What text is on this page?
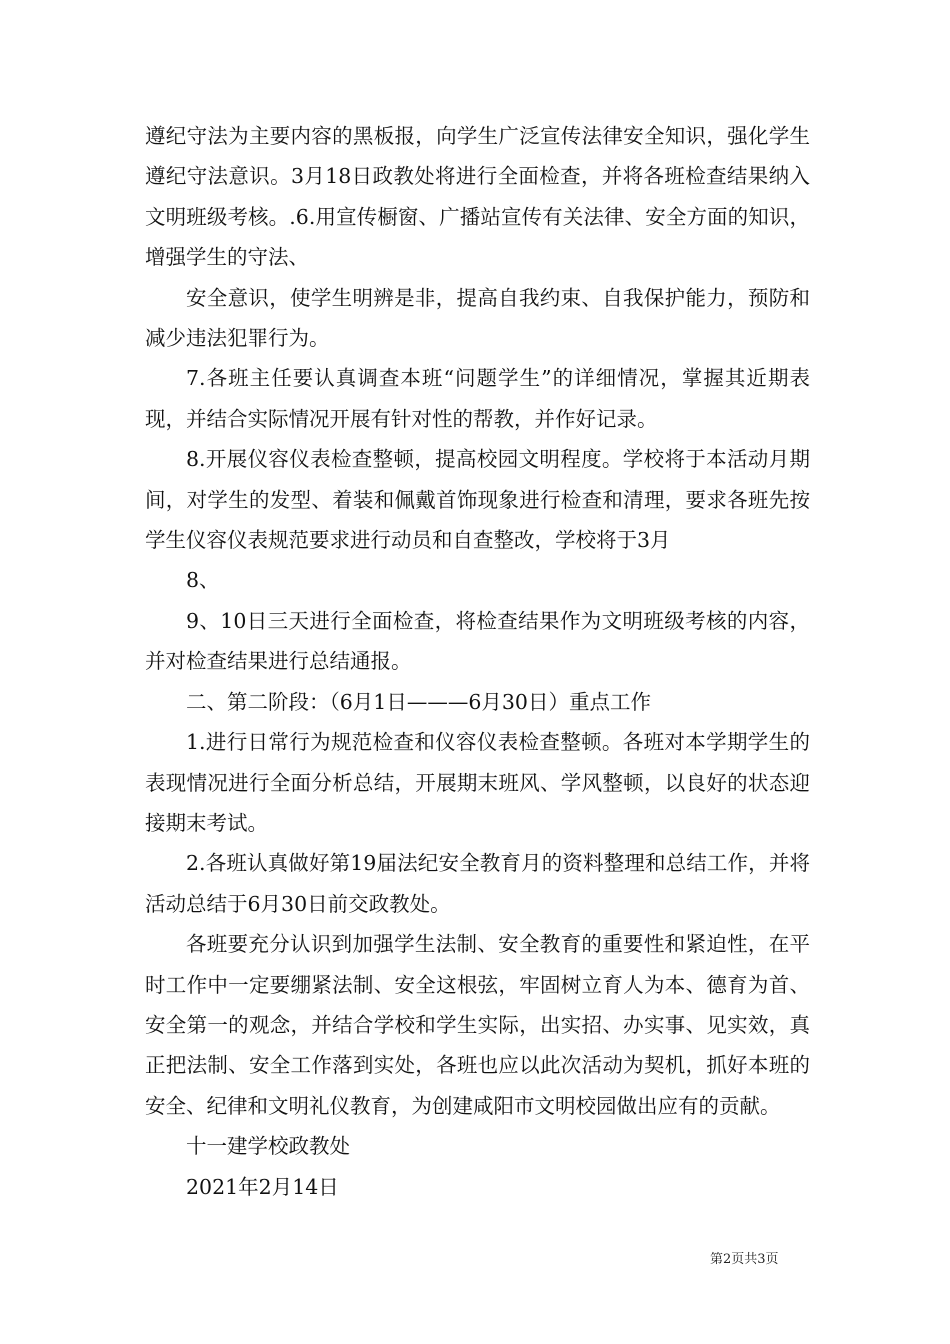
遵纪守法为主要内容的黑板报，向学生广泛宣传法律安全知识，强化学生遵纪守法意识。3月18日政教处将进行全面检查，并将各班检查结果纳入文明班级考核。.6.用宣传橱窗、广播站宣传有关法律、安全方面的知识，增强学生的守法、

安全意识，使学生明辨是非，提高自我约束、自我保护能力，预防和减少违法犯罪行为。

7.各班主任要认真调查本班“问题学生”的详细情况，掌握其近期表现，并结合实际情况开展有针对性的帮教，并作好记录。

8.开展仪容仪表检查整顿，提高校园文明程度。学校将于本活动月期间，对学生的发型、着装和佩戴首饰现象进行检查和清理，要求各班先按学生仪容仪表规范要求进行动员和自查整改，学校将于3月

8、

9、10日三天进行全面检查，将检查结果作为文明班级考核的内容，并对检查结果进行总结通报。

二、第二阶段：（6月1日———6月30日）重点工作

1.进行日常行为规范检查和仪容仪表检查整顿。各班对本学期学生的表现情况进行全面分析总结，开展期末班风、学风整顿，以良好的状态迎接期末考试。

2.各班认真做好第19届法纪安全教育月的资料整理和总结工作，并将活动总结于6月30日前交政教处。

各班要充分认识到加强学生法制、安全教育的重要性和紧迫性，在平时工作中一定要绷紧法制、安全这根弦，牢固树立育人为本、德育为首、安全第一的观念，并结合学校和学生实际，出实招、办实事、见实效，真正把法制、安全工作落到实处，各班也应以此次活动为契机，抓好本班的安全、纪律和文明礼仪教育，为创建咸阳市文明校园做出应有的贡献。

十一建学校政教处

2021年2月14日

第2页共3页
